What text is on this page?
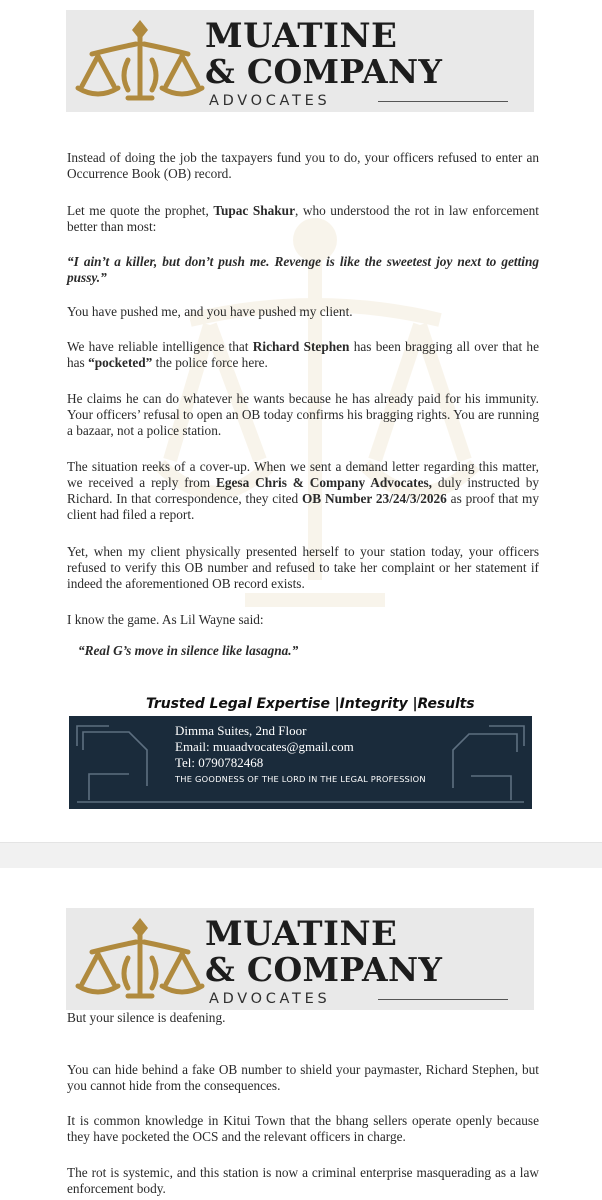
MUATINE
& COMPANY
ADVOCATES

Instead of doing the job the taxpayers fund you to do, your officers refused to enter an Occurrence Book (OB) record.

Let me quote the prophet, Tupac Shakur, who understood the rot in law enforcement better than most:

“I ain’t a killer, but don’t push me. Revenge is like the sweetest joy next to getting pussy.”

You have pushed me, and you have pushed my client.

We have reliable intelligence that Richard Stephen has been bragging all over that he has “pocketed” the police force here.

He claims he can do whatever he wants because he has already paid for his immunity. Your officers’ refusal to open an OB today confirms his bragging rights. You are running a bazaar, not a police station.

The situation reeks of a cover-up. When we sent a demand letter regarding this matter, we received a reply from Egesa Chris & Company Advocates, duly instructed by Richard. In that correspondence, they cited OB Number 23/24/3/2026 as proof that my client had filed a report.

Yet, when my client physically presented herself to your station today, your officers refused to verify this OB number and refused to take her complaint or her statement if indeed the aforementioned OB record exists.

I know the game. As Lil Wayne said:

“Real G’s move in silence like lasagna.”

Trusted Legal Expertise |Integrity |Results
Dimma Suites, 2nd Floor
Email: muaadvocates@gmail.com
Tel: 0790782468
THE GOODNESS OF THE LORD IN THE LEGAL PROFESSION
MUATINE
& COMPANY
ADVOCATES

But your silence is deafening.

You can hide behind a fake OB number to shield your paymaster, Richard Stephen, but you cannot hide from the consequences.

It is common knowledge in Kitui Town that the bhang sellers operate openly because they have pocketed the OCS and the relevant officers in charge.

The rot is systemic, and this station is now a criminal enterprise masquerading as a law enforcement body.
